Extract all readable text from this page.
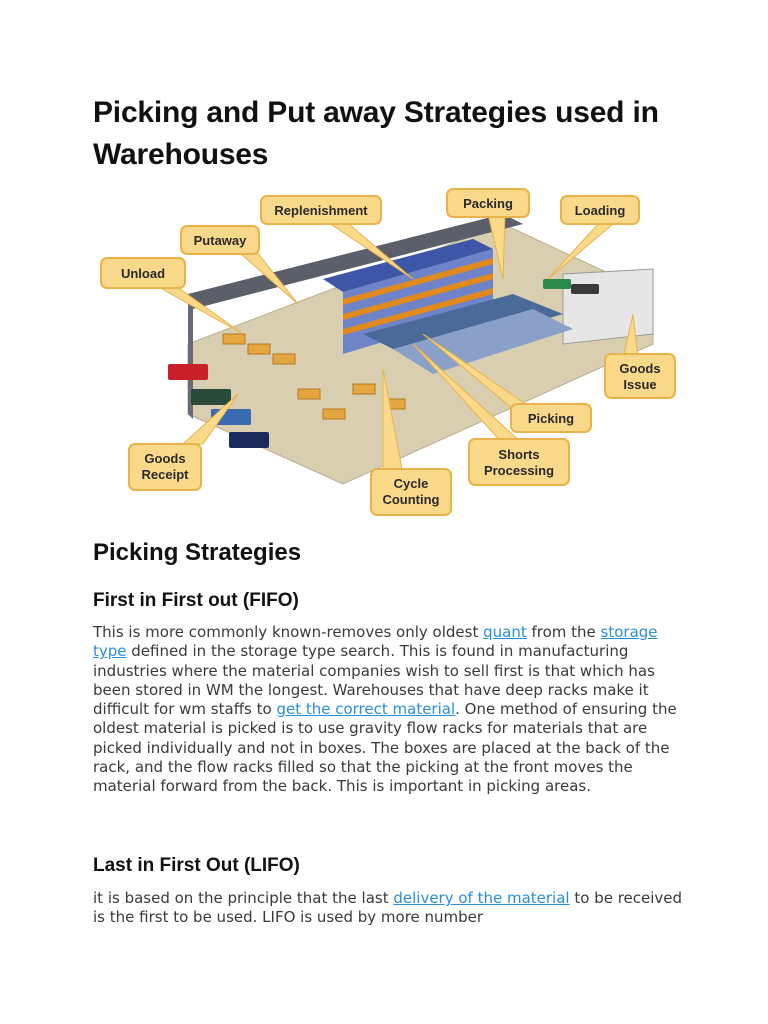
Picking and Put away Strategies used in Warehouses
Replenishment	Packing	Loading
Putaway
Unload
Goods
Issue
Picking
Shorts
Processing
Cycle
Counting
Goods
Receipt
Picking Strategies
First in First out (FIFO)

This is more commonly known-removes only oldest quant from the storage type defined in the storage type search. This is found in manufacturing industries where the material companies wish to sell first is that which has been stored in WM the longest. Warehouses that have deep racks make it difficult for wm staffs to get the correct material. One method of ensuring the oldest material is picked is to use gravity flow racks for materials that are picked individually and not in boxes. The boxes are placed at the back of the rack, and the flow racks filled so that the picking at the front moves the material forward from the back. This is important in picking areas.

Last in First Out (LIFO)

it is based on the principle that the last delivery of the material to be received is the first to be used. LIFO is used by more number
